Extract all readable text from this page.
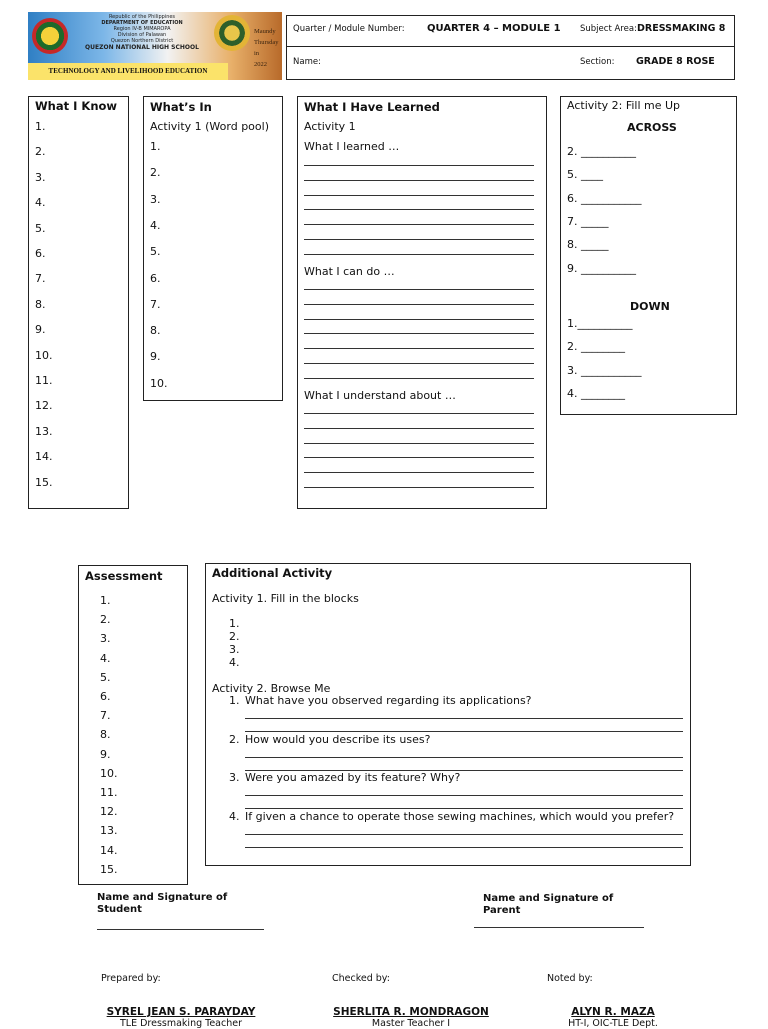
Republic of the Philippines
DEPARTMENT OF EDUCATION
Region IV-B MIMAROPA
Division of Palawan
Quezon Northern District
QUEZON NATIONAL HIGH SCHOOL
Maundy
Thursday in
2022
TECHNOLOGY AND LIVELIHOOD EDUCATION
Quarter / Module Number: QUARTER 4 – MODULE 1 Subject Area: DRESSMAKING 8
Name:	Section: GRADE 8 ROSE
What I Know
1.
2.
3.
4.
5.
6.
7.
8.
9.
10.
11.
12.
13.
14.
15.
What’s In
Activity 1 (Word pool)
1.
2.
3.
4.
5.
6.
7.
8.
9.
10.
What I Have Learned
Activity 1
What I learned …
What I can do …
What I understand about …
Activity 2: Fill me Up
ACROSS
DOWN
2. __________
5. ____
6. ___________
7. _____
8. _____
9. __________
1.__________
2. ________
3. ___________
4. ________
Assessment
1.
2.
3.
4.
5.
6.
7.
8.
9.
10.
11.
12.
13.
14.
15.
Additional Activity
Activity 1. Fill in the blocks
1.
2.
3.
4.
Activity 2. Browse Me
1. What have you observed regarding its applications?
2. How would you describe its uses?
3. Were you amazed by its feature? Why?
4. If given a chance to operate those sewing machines, which would you prefer?
Name and Signature of Student
Name and Signature of Parent
Prepared by:	Checked by:	Noted by:
SYREL JEAN S. PARAYDAY
TLE Dressmaking Teacher
SHERLITA R. MONDRAGON
Master Teacher I
ALYN R. MAZA
HT-I, OIC-TLE Dept.
